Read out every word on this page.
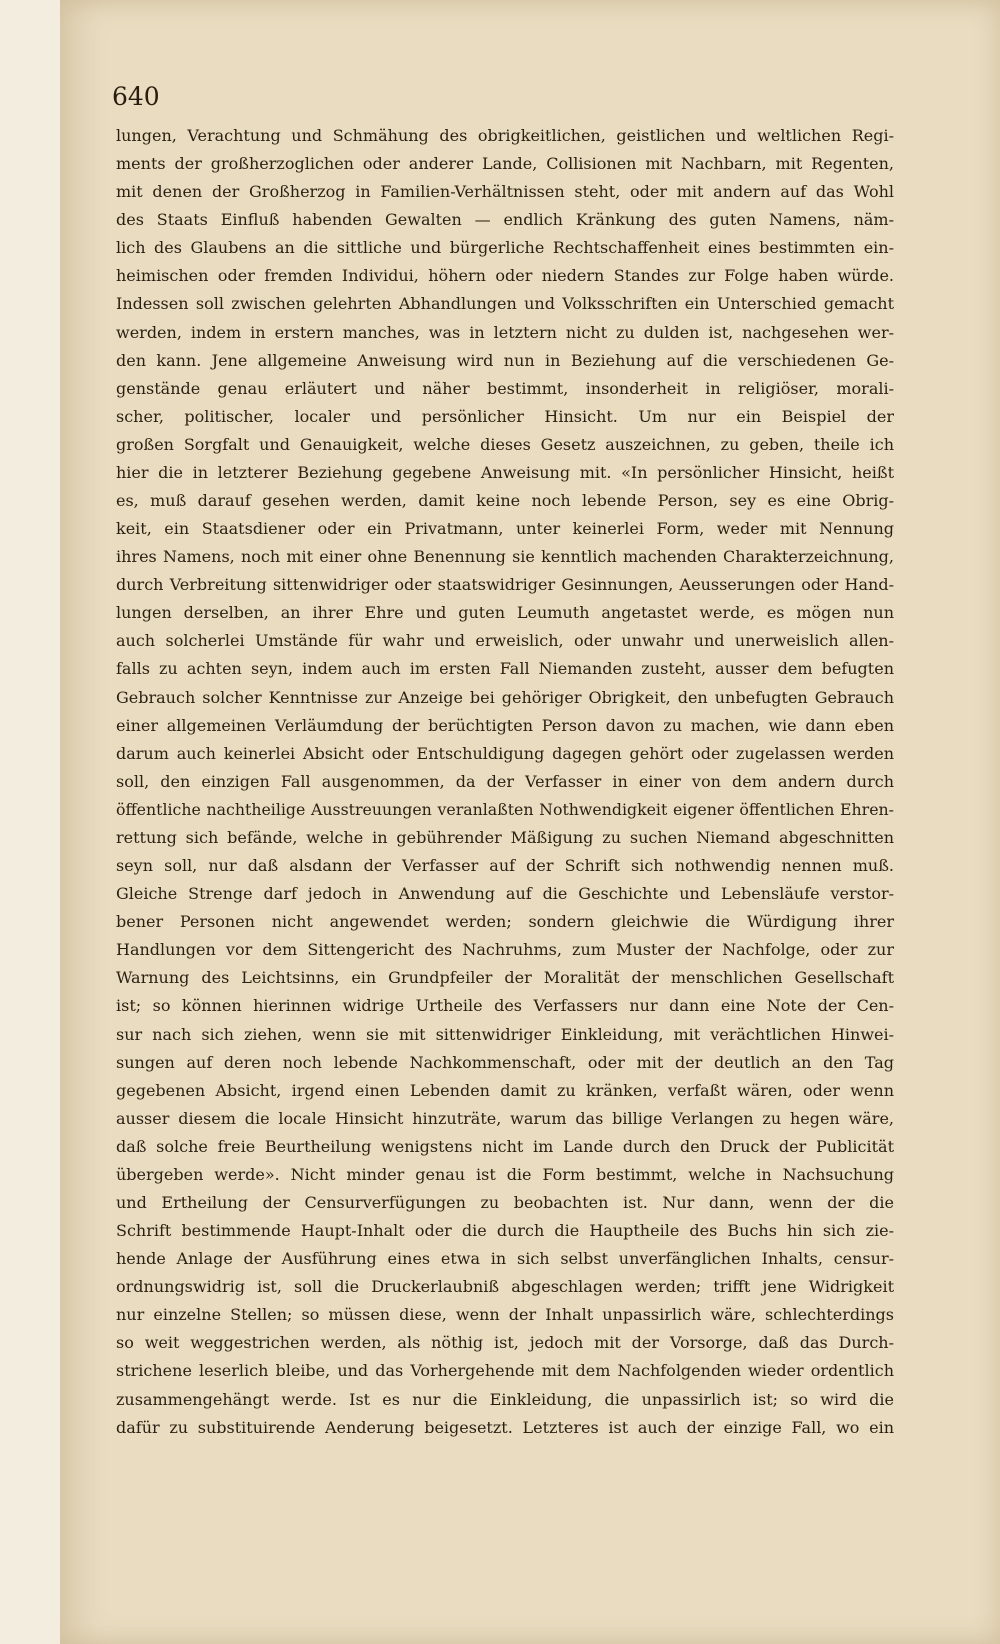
640
lungen, Verachtung und Schmähung des obrigkeitlichen, geistlichen und weltlichen Regi-
ments der großherzoglichen oder anderer Lande, Collisionen mit Nachbarn, mit Regenten,
mit denen der Großherzog in Familien-Verhältnissen steht, oder mit andern auf das Wohl
des Staats Einfluß habenden Gewalten — endlich Kränkung des guten Namens, näm-
lich des Glaubens an die sittliche und bürgerliche Rechtschaffenheit eines bestimmten ein-
heimischen oder fremden Individui, höhern oder niedern Standes zur Folge haben würde.
Indessen soll zwischen gelehrten Abhandlungen und Volksschriften ein Unterschied gemacht
werden, indem in erstern manches, was in letztern nicht zu dulden ist, nachgesehen wer-
den kann. Jene allgemeine Anweisung wird nun in Beziehung auf die verschiedenen Ge-
genstände genau erläutert und näher bestimmt, insonderheit in religiöser, morali-
scher, politischer, localer und persönlicher Hinsicht. Um nur ein Beispiel der
großen Sorgfalt und Genauigkeit, welche dieses Gesetz auszeichnen, zu geben, theile ich
hier die in letzterer Beziehung gegebene Anweisung mit. «In persönlicher Hinsicht, heißt
es, muß darauf gesehen werden, damit keine noch lebende Person, sey es eine Obrig-
keit, ein Staatsdiener oder ein Privatmann, unter keinerlei Form, weder mit Nennung
ihres Namens, noch mit einer ohne Benennung sie kenntlich machenden Charakterzeichnung,
durch Verbreitung sittenwidriger oder staatswidriger Gesinnungen, Aeusserungen oder Hand-
lungen derselben, an ihrer Ehre und guten Leumuth angetastet werde, es mögen nun
auch solcherlei Umstände für wahr und erweislich, oder unwahr und unerweislich allen-
falls zu achten seyn, indem auch im ersten Fall Niemanden zusteht, ausser dem befugten
Gebrauch solcher Kenntnisse zur Anzeige bei gehöriger Obrigkeit, den unbefugten Gebrauch
einer allgemeinen Verläumdung der berüchtigten Person davon zu machen, wie dann eben
darum auch keinerlei Absicht oder Entschuldigung dagegen gehört oder zugelassen werden
soll, den einzigen Fall ausgenommen, da der Verfasser in einer von dem andern durch
öffentliche nachtheilige Ausstreuungen veranlaßten Nothwendigkeit eigener öffentlichen Ehren-
rettung sich befände, welche in gebührender Mäßigung zu suchen Niemand abgeschnitten
seyn soll, nur daß alsdann der Verfasser auf der Schrift sich nothwendig nennen muß.
Gleiche Strenge darf jedoch in Anwendung auf die Geschichte und Lebensläufe verstor-
bener Personen nicht angewendet werden; sondern gleichwie die Würdigung ihrer
Handlungen vor dem Sittengericht des Nachruhms, zum Muster der Nachfolge, oder zur
Warnung des Leichtsinns, ein Grundpfeiler der Moralität der menschlichen Gesellschaft
ist; so können hierinnen widrige Urtheile des Verfassers nur dann eine Note der Cen-
sur nach sich ziehen, wenn sie mit sittenwidriger Einkleidung, mit verächtlichen Hinwei-
sungen auf deren noch lebende Nachkommenschaft, oder mit der deutlich an den Tag
gegebenen Absicht, irgend einen Lebenden damit zu kränken, verfaßt wären, oder wenn
ausser diesem die locale Hinsicht hinzuträte, warum das billige Verlangen zu hegen wäre,
daß solche freie Beurtheilung wenigstens nicht im Lande durch den Druck der Publicität
übergeben werde». Nicht minder genau ist die Form bestimmt, welche in Nachsuchung
und Ertheilung der Censurverfügungen zu beobachten ist. Nur dann, wenn der die
Schrift bestimmende Haupt-Inhalt oder die durch die Hauptheile des Buchs hin sich zie-
hende Anlage der Ausführung eines etwa in sich selbst unverfänglichen Inhalts, censur-
ordnungswidrig ist, soll die Druckerlaubniß abgeschlagen werden; trifft jene Widrigkeit
nur einzelne Stellen; so müssen diese, wenn der Inhalt unpassirlich wäre, schlechterdings
so weit weggestrichen werden, als nöthig ist, jedoch mit der Vorsorge, daß das Durch-
strichene leserlich bleibe, und das Vorhergehende mit dem Nachfolgenden wieder ordentlich
zusammengehängt werde. Ist es nur die Einkleidung, die unpassirlich ist; so wird die
dafür zu substituirende Aenderung beigesetzt. Letzteres ist auch der einzige Fall, wo ein
